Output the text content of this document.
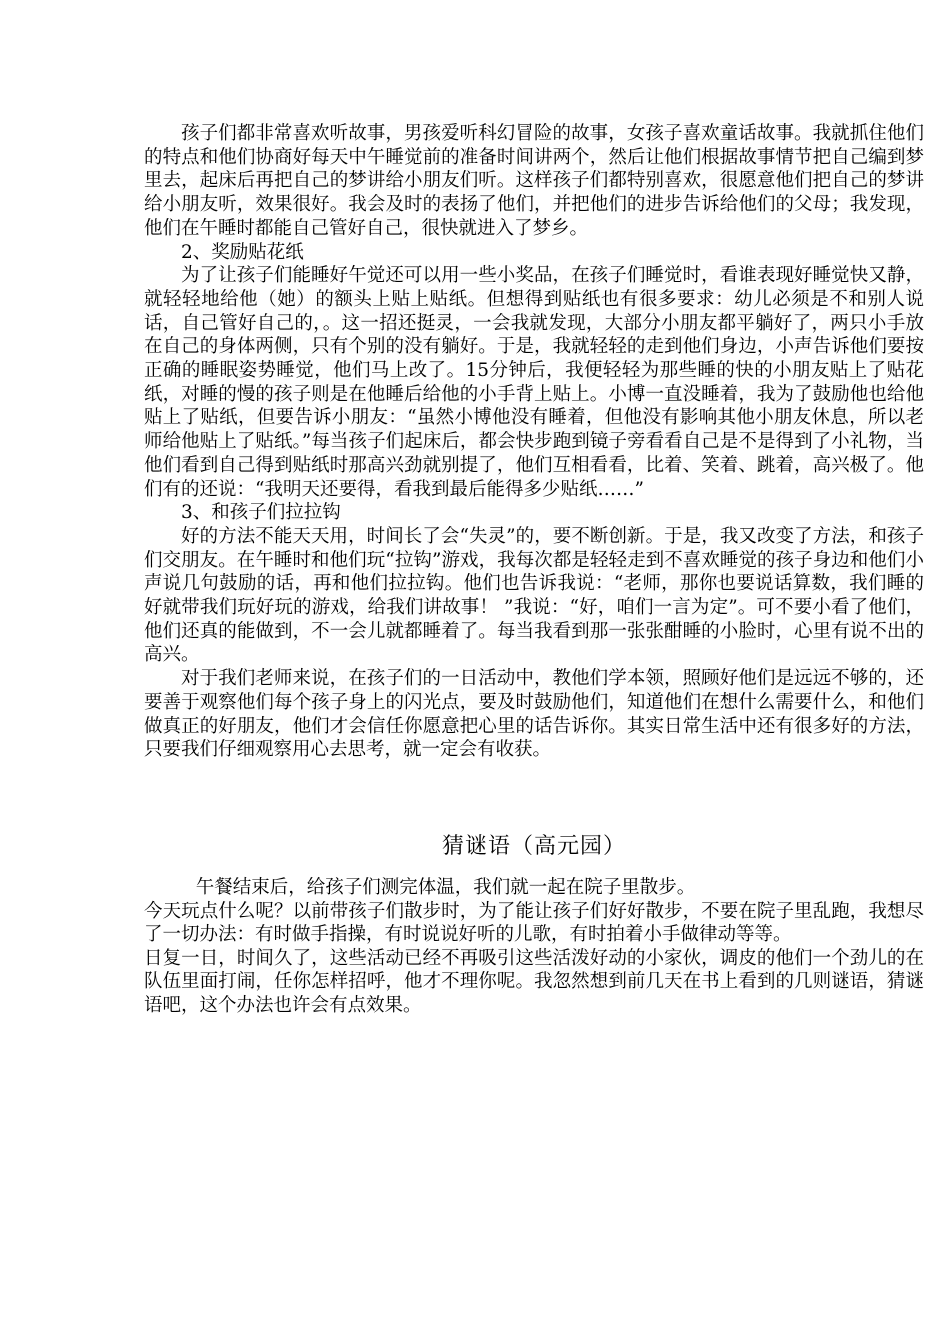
孩子们都非常喜欢听故事，男孩爱听科幻冒险的故事，女孩子喜欢童话故事。我就抓住他们的特点和他们协商好每天中午睡觉前的准备时间讲两个，然后让他们根据故事情节把自己编到梦里去，起床后再把自己的梦讲给小朋友们听。这样孩子们都特别喜欢，很愿意他们把自己的梦讲给小朋友听，效果很好。我会及时的表扬了他们，并把他们的进步告诉给他们的父母；我发现，他们在午睡时都能自己管好自己，很快就进入了梦乡。

2、奖励贴花纸

为了让孩子们能睡好午觉还可以用一些小奖品，在孩子们睡觉时，看谁表现好睡觉快又静，就轻轻地给他（她）的额头上贴上贴纸。但想得到贴纸也有很多要求：幼儿必须是不和别人说话，自己管好自己的，。这一招还挺灵，一会我就发现，大部分小朋友都平躺好了，两只小手放在自己的身体两侧，只有个别的没有躺好。于是，我就轻轻的走到他们身边，小声告诉他们要按正确的睡眠姿势睡觉，他们马上改了。15分钟后，我便轻轻为那些睡的快的小朋友贴上了贴花纸，对睡的慢的孩子则是在他睡后给他的小手背上贴上。小博一直没睡着，我为了鼓励他也给他贴上了贴纸，但要告诉小朋友：“虽然小博他没有睡着，但他没有影响其他小朋友休息，所以老师给他贴上了贴纸。”每当孩子们起床后，都会快步跑到镜子旁看看自己是不是得到了小礼物，当他们看到自己得到贴纸时那高兴劲就别提了，他们互相看看，比着、笑着、跳着，高兴极了。他们有的还说：“我明天还要得，看我到最后能得多少贴纸……”

3、和孩子们拉拉钩

好的方法不能天天用，时间长了会“失灵”的，要不断创新。于是，我又改变了方法，和孩子们交朋友。在午睡时和他们玩“拉钩”游戏，我每次都是轻轻走到不喜欢睡觉的孩子身边和他们小声说几句鼓励的话，再和他们拉拉钩。他们也告诉我说：“老师，那你也要说话算数，我们睡的好就带我们玩好玩的游戏，给我们讲故事！ ”我说：“好，咱们一言为定”。可不要小看了他们，他们还真的能做到，不一会儿就都睡着了。每当我看到那一张张酣睡的小脸时，心里有说不出的高兴。

对于我们老师来说，在孩子们的一日活动中，教他们学本领，照顾好他们是远远不够的，还要善于观察他们每个孩子身上的闪光点，要及时鼓励他们，知道他们在想什么需要什么，和他们做真正的好朋友，他们才会信任你愿意把心里的话告诉你。其实日常生活中还有很多好的方法，只要我们仔细观察用心去思考，就一定会有收获。

猜谜语（高元园）

午餐结束后，给孩子们测完体温，我们就一起在院子里散步。

今天玩点什么呢？以前带孩子们散步时，为了能让孩子们好好散步，不要在院子里乱跑，我想尽了一切办法：有时做手指操，有时说说好听的儿歌，有时拍着小手做律动等等。

日复一日，时间久了，这些活动已经不再吸引这些活泼好动的小家伙，调皮的他们一个劲儿的在队伍里面打闹，任你怎样招呼，他才不理你呢。我忽然想到前几天在书上看到的几则谜语，猜谜语吧，这个办法也许会有点效果。
